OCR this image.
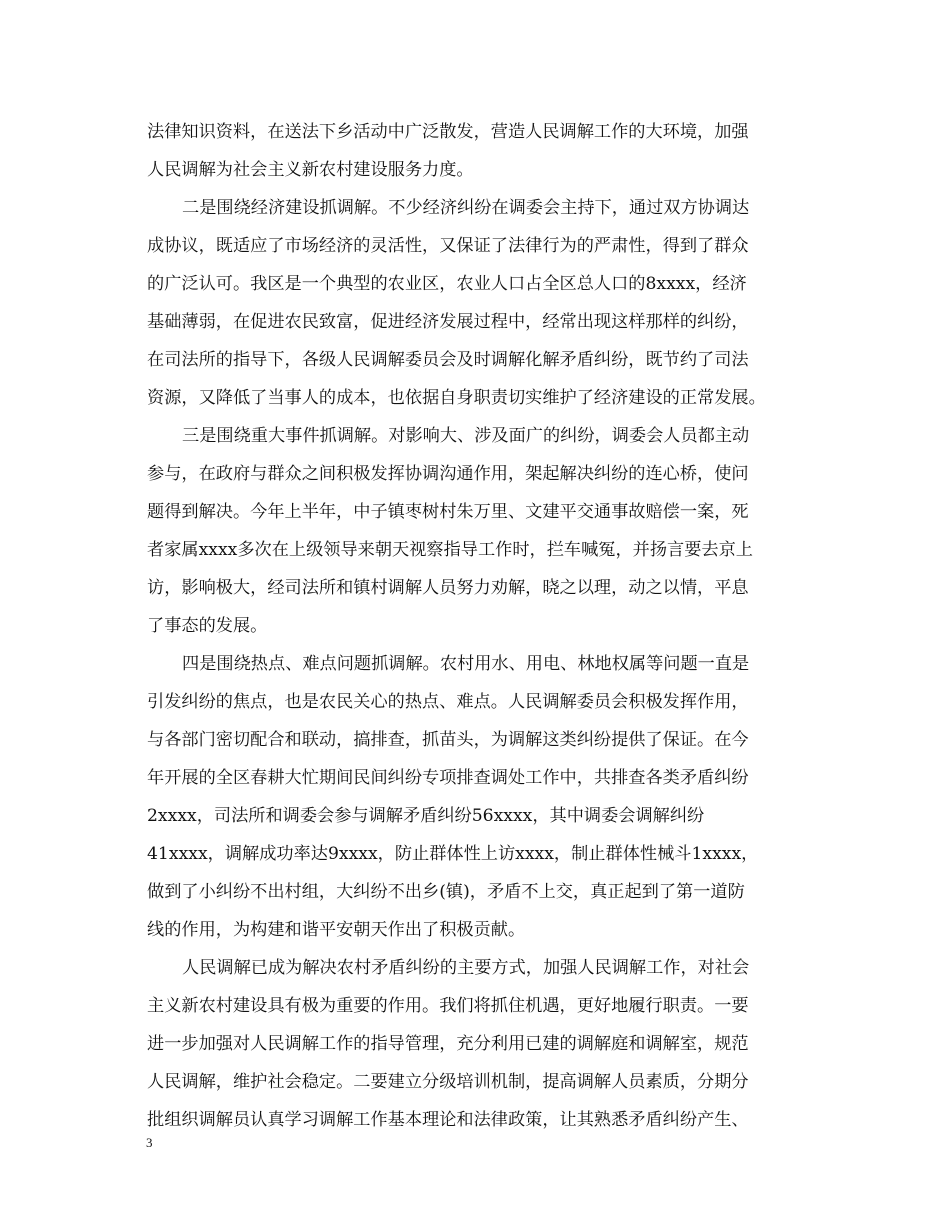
法律知识资料，在送法下乡活动中广泛散发，营造人民调解工作的大环境，加强
人民调解为社会主义新农村建设服务力度。
二是围绕经济建设抓调解。不少经济纠纷在调委会主持下，通过双方协调达
成协议，既适应了市场经济的灵活性，又保证了法律行为的严肃性，得到了群众
的广泛认可。我区是一个典型的农业区，农业人口占全区总人口的8xxxx，经济
基础薄弱，在促进农民致富，促进经济发展过程中，经常出现这样那样的纠纷，
在司法所的指导下，各级人民调解委员会及时调解化解矛盾纠纷，既节约了司法
资源，又降低了当事人的成本，也依据自身职责切实维护了经济建设的正常发展。
三是围绕重大事件抓调解。对影响大、涉及面广的纠纷，调委会人员都主动
参与，在政府与群众之间积极发挥协调沟通作用，架起解决纠纷的连心桥，使问
题得到解决。今年上半年，中子镇枣树村朱万里、文建平交通事故赔偿一案，死
者家属xxxx多次在上级领导来朝天视察指导工作时，拦车喊冤，并扬言要去京上
访，影响极大，经司法所和镇村调解人员努力劝解，晓之以理，动之以情，平息
了事态的发展。
四是围绕热点、难点问题抓调解。农村用水、用电、林地权属等问题一直是
引发纠纷的焦点，也是农民关心的热点、难点。人民调解委员会积极发挥作用，
与各部门密切配合和联动，搞排查，抓苗头，为调解这类纠纷提供了保证。在今
年开展的全区春耕大忙期间民间纠纷专项排查调处工作中，共排查各类矛盾纠纷
2xxxx，司法所和调委会参与调解矛盾纠纷56xxxx，其中调委会调解纠纷
41xxxx，调解成功率达9xxxx，防止群体性上访xxxx，制止群体性械斗1xxxx，
做到了小纠纷不出村组，大纠纷不出乡(镇)，矛盾不上交，真正起到了第一道防
线的作用，为构建和谐平安朝天作出了积极贡献。
人民调解已成为解决农村矛盾纠纷的主要方式，加强人民调解工作，对社会
主义新农村建设具有极为重要的作用。我们将抓住机遇，更好地履行职责。一要
进一步加强对人民调解工作的指导管理，充分利用已建的调解庭和调解室，规范
人民调解，维护社会稳定。二要建立分级培训机制，提高调解人员素质，分期分
批组织调解员认真学习调解工作基本理论和法律政策，让其熟悉矛盾纠纷产生、
3
